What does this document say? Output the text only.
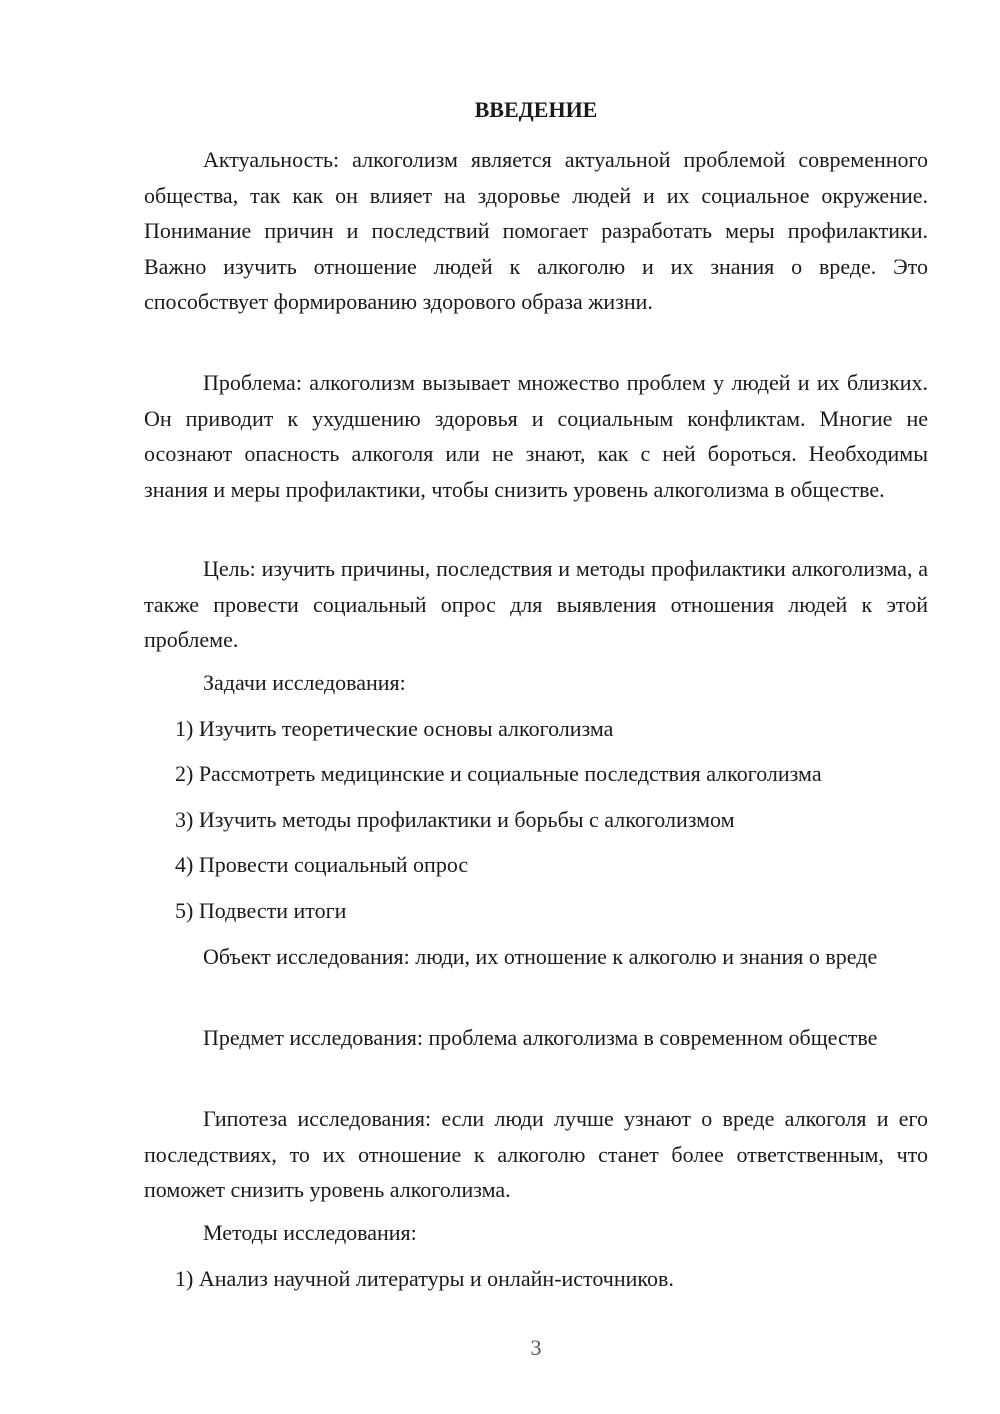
ВВЕДЕНИЕ

Актуальность: алкоголизм является актуальной проблемой современного общества, так как он влияет на здоровье людей и их социальное окружение. Понимание причин и последствий помогает разработать меры профилактики. Важно изучить отношение людей к алкоголю и их знания о вреде. Это способствует формированию здорового образа жизни.

Проблема: алкоголизм вызывает множество проблем у людей и их близких. Он приводит к ухудшению здоровья и социальным конфликтам. Многие не осознают опасность алкоголя или не знают, как с ней бороться. Необходимы знания и меры профилактики, чтобы снизить уровень алкоголизма в обществе.

Цель: изучить причины, последствия и методы профилактики алкоголизма, а также провести социальный опрос для выявления отношения людей к этой проблеме.

Задачи исследования:

1) Изучить теоретические основы алкоголизма

2) Рассмотреть медицинские и социальные последствия алкоголизма

3) Изучить методы профилактики и борьбы с алкоголизмом

4) Провести социальный опрос

5) Подвести итоги

Объект исследования: люди, их отношение к алкоголю и знания о вреде

Предмет исследования: проблема алкоголизма в современном обществе

Гипотеза исследования: если люди лучше узнают о вреде алкоголя и его последствиях, то их отношение к алкоголю станет более ответственным, что поможет снизить уровень алкоголизма.

Методы исследования:

1) Анализ научной литературы и онлайн-источников.

3
